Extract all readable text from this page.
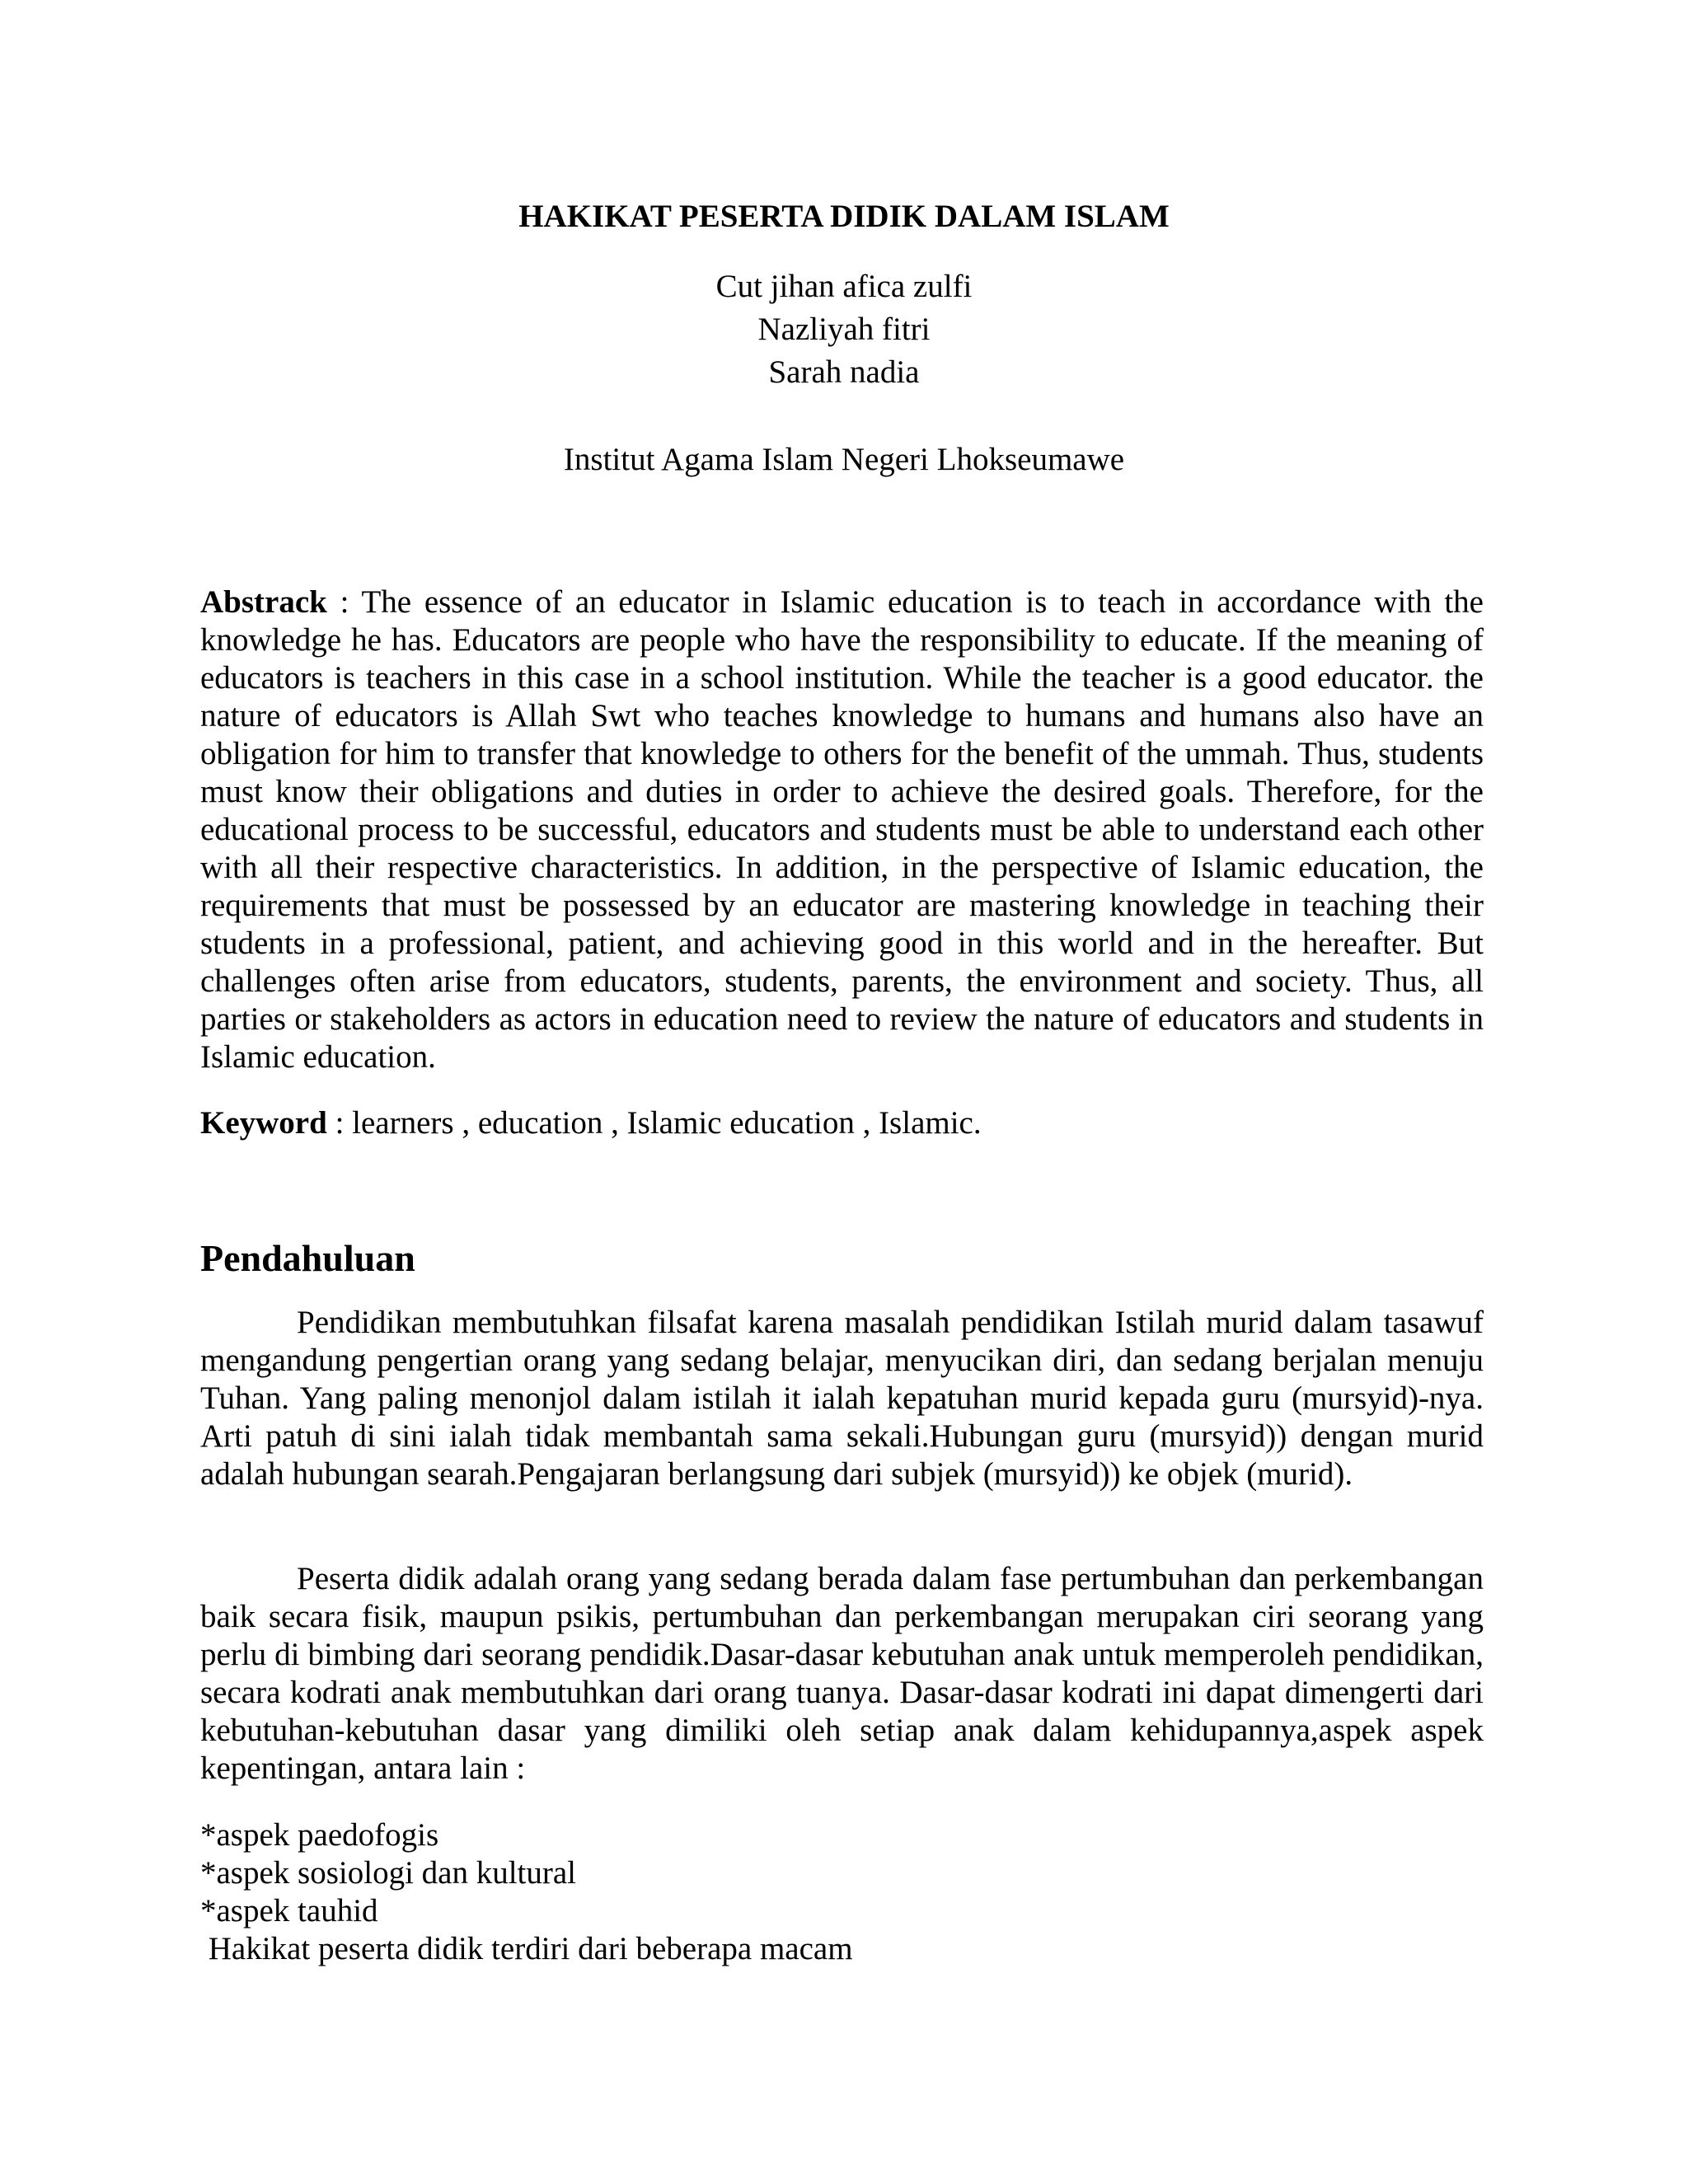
HAKIKAT PESERTA DIDIK DALAM ISLAM
Cut jihan afica zulfi
Nazliyah fitri
Sarah nadia
Institut Agama Islam Negeri Lhokseumawe

Abstrack : The essence of an educator in Islamic education is to teach in accordance with the knowledge he has. Educators are people who have the responsibility to educate. If the meaning of educators is teachers in this case in a school institution. While the teacher is a good educator. the nature of educators is Allah Swt who teaches knowledge to humans and humans also have an obligation for him to transfer that knowledge to others for the benefit of the ummah. Thus, students must know their obligations and duties in order to achieve the desired goals. Therefore, for the educational process to be successful, educators and students must be able to understand each other with all their respective characteristics. In addition, in the perspective of Islamic education, the requirements that must be possessed by an educator are mastering knowledge in teaching their students in a professional, patient, and achieving good in this world and in the hereafter. But challenges often arise from educators, students, parents, the environment and society. Thus, all parties or stakeholders as actors in education need to review the nature of educators and students in Islamic education.

Keyword : learners , education , Islamic education , Islamic.

Pendahuluan

Pendidikan membutuhkan filsafat karena masalah pendidikan Istilah murid dalam tasawuf mengandung pengertian orang yang sedang belajar, menyucikan diri, dan sedang berjalan menuju Tuhan. Yang paling menonjol dalam istilah it ialah kepatuhan murid kepada guru (mursyid)-nya. Arti patuh di sini ialah tidak membantah sama sekali.Hubungan guru (mursyid)) dengan murid adalah hubungan searah.Pengajaran berlangsung dari subjek (mursyid)) ke objek (murid).

Peserta didik adalah orang yang sedang berada dalam fase pertumbuhan dan perkembangan baik secara fisik, maupun psikis, pertumbuhan dan perkembangan merupakan ciri seorang yang perlu di bimbing dari seorang pendidik.Dasar-dasar kebutuhan anak untuk memperoleh pendidikan, secara kodrati anak membutuhkan dari orang tuanya. Dasar-dasar kodrati ini dapat dimengerti dari kebutuhan-kebutuhan dasar yang dimiliki oleh setiap anak dalam kehidupannya,aspek aspek kepentingan, antara lain :

*aspek paedofogis
*aspek sosiologi dan kultural
*aspek tauhid
Hakikat peserta didik terdiri dari beberapa macam
